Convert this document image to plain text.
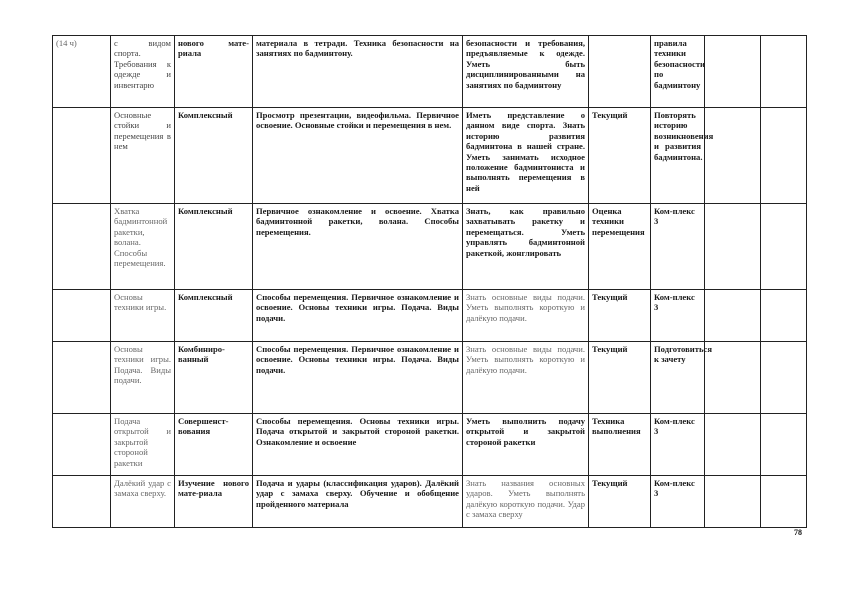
(14 ч)	с видом спорта. Требования к одежде и инвентарю	нового мате-риала	материала в тетради. Техника безопасности на занятиях по бадминтону.	безопасности и требования, предъявляемые к одежде. Уметь быть дисциплинированными на занятиях по бадминтону		правила техники безопасности по бадминтону		
	Основные стойки и перемещения в нем	Комплексный	Просмотр презентации, видеофильма. Первичное освоение. Основные стойки и перемещения в нем.	Иметь представление о данном виде спорта. Знать историю развития бадминтона в нашей стране. Уметь занимать исходное положение бадминтониста и выполнять перемещения в ней	Текущий	Повторять историю возникновения и развития бадминтона.		
	Хватка бадминтонной ракетки, волана. Способы перемещения.	Комплексный	Первичное ознакомление и освоение. Хватка бадминтонной ракетки, волана. Способы перемещения.	Знать, как правильно захватывать ракетку и перемещаться. Уметь управлять бадминтонной ракеткой, жонглировать	Оценка техники перемещения	Ком-плекс 3		
	Основы техники игры.	Комплексный	Способы перемещения. Первичное ознакомление и освоение. Основы техники игры. Подача. Виды подачи.	Знать основные виды подачи. Уметь выполнять короткую и далёкую подачи.	Текущий	Ком-плекс 3		
	Основы техники игры. Подача. Виды подачи.	Комбиниро-ванный	Способы перемещения. Первичное ознакомление и освоение. Основы техники игры. Подача. Виды подачи.	Знать основные виды подачи. Уметь выполнять короткую и далёкую подачи.	Текущий	Подготовиться к зачету		
	Подача открытой и закрытой стороной ракетки	Совершенст-вования	Способы перемещения. Основы техники игры. Подача открытой и закрытой стороной ракетки. Ознакомление и освоение	Уметь выполнить подачу открытой и закрытой стороной ракетки	Техника выполнения	Ком-плекс 3		
	Далёкий удар с замаха сверху.	Изучение нового мате-риала	Подача и удары (классификация ударов). Далёкий удар с замаха сверху. Обучение и обобщение пройденного материала	Знать названия основных ударов. Уметь выполнять далёкую короткую подачи. Удар с замаха сверху	Текущий	Ком-плекс 3		
78
